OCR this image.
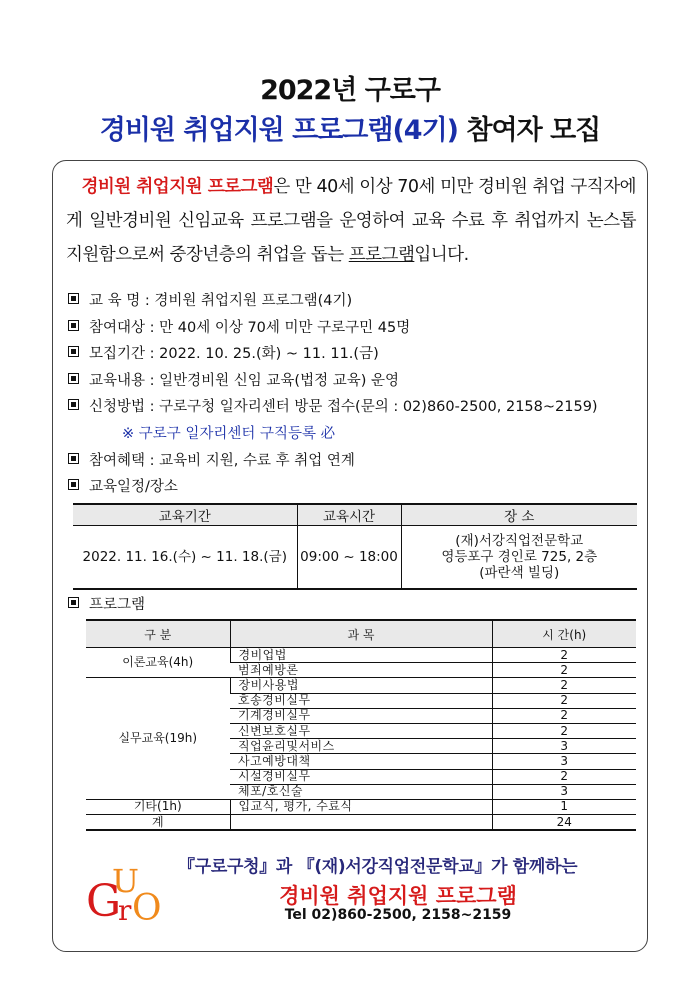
2022년 구로구
경비원 취업지원 프로그램(4기) 참여자 모집

경비원 취업지원 프로그램은 만 40세 이상 70세 미만 경비원 취업 구직자에게 일반경비원 신임교육 프로그램을 운영하여 교육 수료 후 취업까지 논스톱 지원함으로써 중장년층의 취업을 돕는 프로그램입니다.

교 육 명 : 경비원 취업지원 프로그램(4기)
참여대상 : 만 40세 이상 70세 미만 구로구민 45명
모집기간 : 2022. 10. 25.(화) ~ 11. 11.(금)
교육내용 : 일반경비원 신임 교육(법정 교육) 운영
신청방법 : 구로구청 일자리센터 방문 접수(문의 : 02)860-2500, 2158~2159)
※ 구로구 일자리센터 구직등록 必
참여혜택 : 교육비 지원, 수료 후 취업 연계
교육일정/장소
교육기간	교육시간	장 소
2022. 11. 16.(수) ~ 11. 18.(금)	09:00 ~ 18:00	(재)서강직업전문학교
영등포구 경인로 725, 2층
(파란색 빌딩)
프로그램
구 분	과 목	시 간(h)
이론교육(4h)	경비업법	2
	범죄예방론	2
실무교육(19h)	장비사용법	2
	호송경비실무	2
	기계경비실무	2
	신변보호실무	2
	직업윤리및서비스	3
	사고예방대책	3
	시설경비실무	2
	체포/호신술	3
기타(1h)	입교식, 평가, 수료식	1
계		24
G
U
r O
『구로구청』과 『(재)서강직업전문학교』가 함께하는
경비원 취업지원 프로그램
Tel 02)860-2500, 2158~2159
